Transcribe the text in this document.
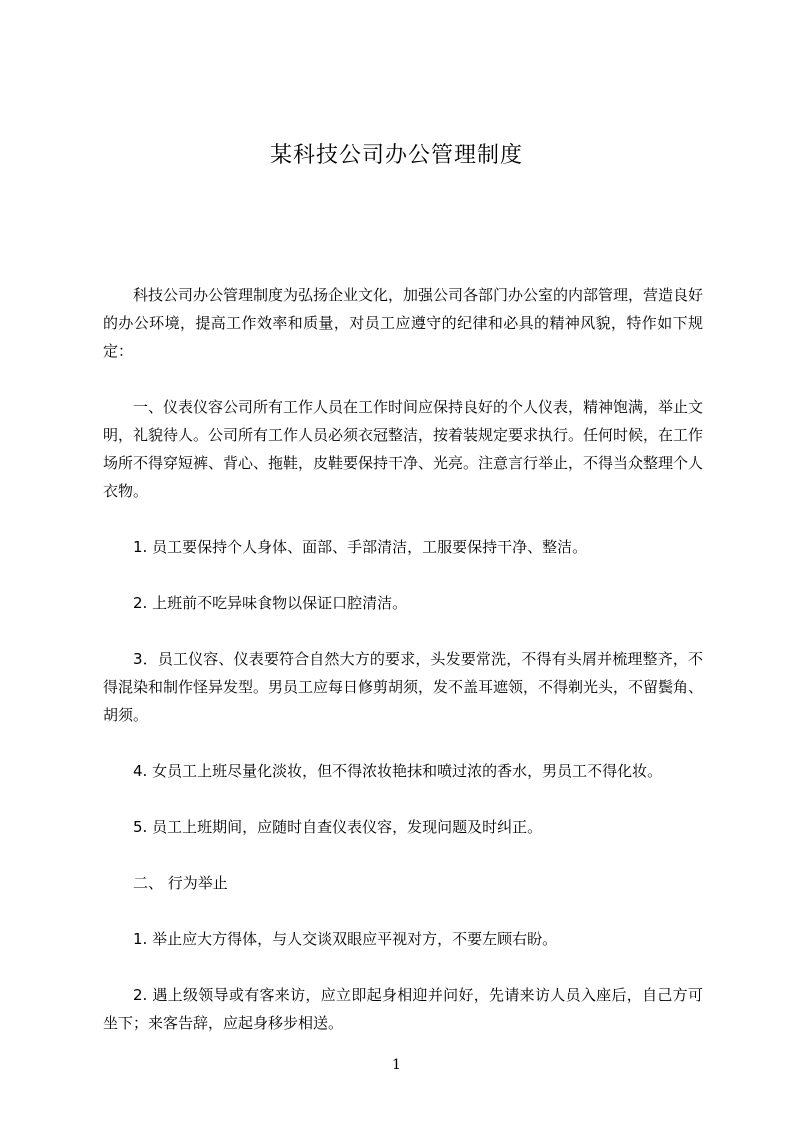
某科技公司办公管理制度

科技公司办公管理制度为弘扬企业文化，加强公司各部门办公室的内部管理，营造良好的办公环境，提高工作效率和质量，对员工应遵守的纪律和必具的精神风貌，特作如下规定：

一、仪表仪容公司所有工作人员在工作时间应保持良好的个人仪表，精神饱满，举止文明，礼貌待人。公司所有工作人员必须衣冠整洁，按着装规定要求执行。任何时候，在工作场所不得穿短裤、背心、拖鞋，皮鞋要保持干净、光亮。注意言行举止，不得当众整理个人衣物。

1. 员工要保持个人身体、面部、手部清洁，工服要保持干净、整洁。

2. 上班前不吃异味食物以保证口腔清洁。

3．员工仪容、仪表要符合自然大方的要求，头发要常洗，不得有头屑并梳理整齐，不得混染和制作怪异发型。男员工应每日修剪胡须，发不盖耳遮领，不得剃光头，不留鬓角、胡须。

4. 女员工上班尽量化淡妆，但不得浓妆艳抹和喷过浓的香水，男员工不得化妆。

5. 员工上班期间，应随时自查仪表仪容，发现问题及时纠正。

二、 行为举止

1. 举止应大方得体，与人交谈双眼应平视对方，不要左顾右盼。

2. 遇上级领导或有客来访，应立即起身相迎并问好，先请来访人员入座后，自己方可坐下；来客告辞，应起身移步相送。

1
